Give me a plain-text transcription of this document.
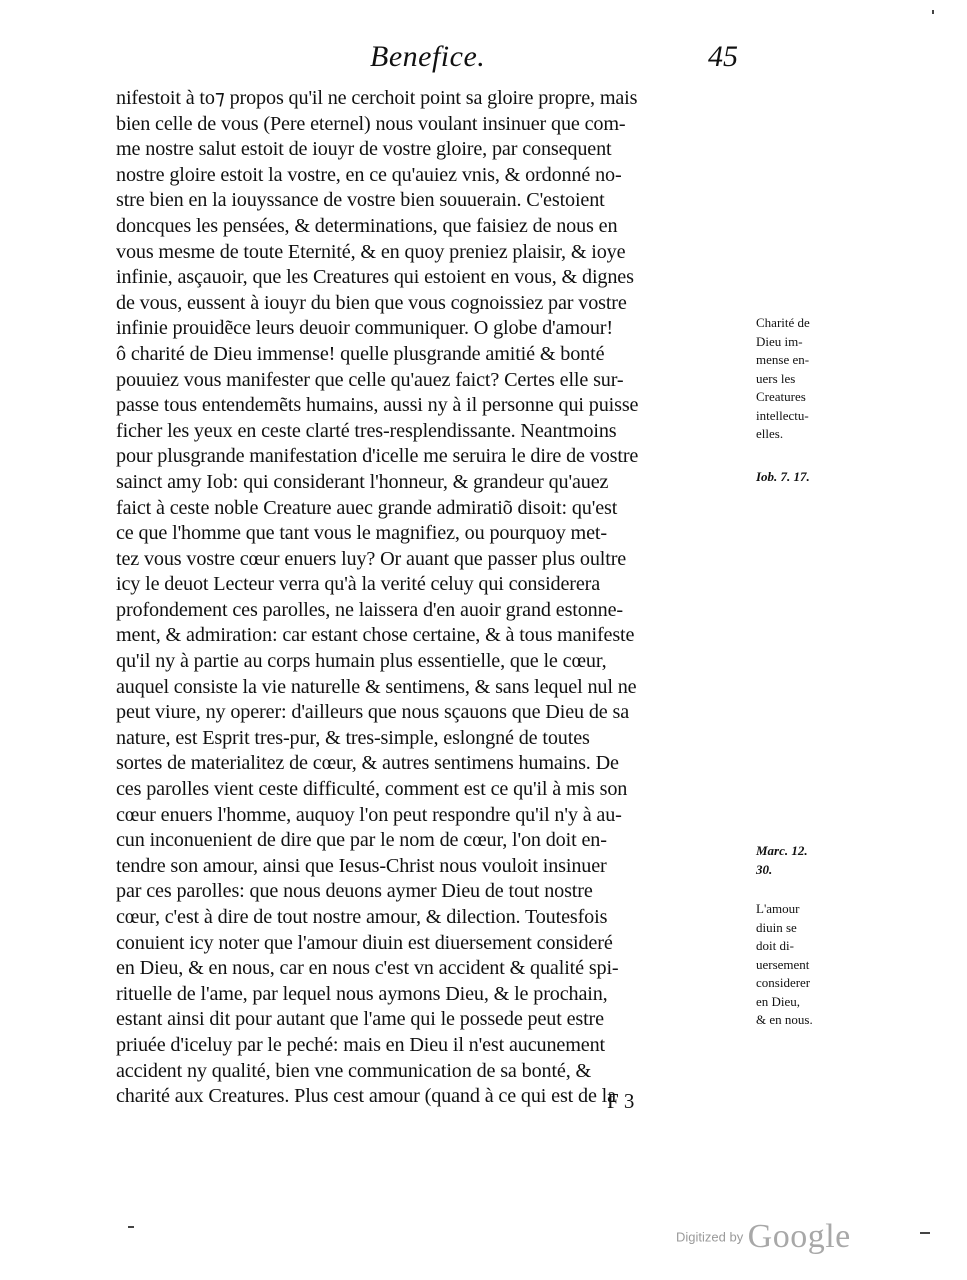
Benefice.	45
nifestoit à to⁊ propos qu'il ne cerchoit point sa gloire propre, mais
bien celle de vous (Pere eternel) nous voulant insinuer que com-
me nostre salut estoit de iouyr de vostre gloire, par consequent
nostre gloire estoit la vostre, en ce qu'auiez vnis, & ordonné no-
stre bien en la iouyssance de vostre bien souuerain. C'estoient
doncques les pensées, & determinations, que faisiez de nous en
vous mesme de toute Eternité, & en quoy preniez plaisir, & ioye
infinie, asçauoir, que les Creatures qui estoient en vous, & dignes
de vous, eussent à iouyr du bien que vous cognoissiez par vostre
infinie prouidẽce leurs deuoir communiquer. O globe d'amour!
ô charité de Dieu immense! quelle plusgrande amitié & bonté
pouuiez vous manifester que celle qu'auez faict? Certes elle sur-
passe tous entendemẽts humains, aussi ny à il personne qui puisse
ficher les yeux en ceste clarté tres-resplendissante. Neantmoins
pour plusgrande manifestation d'icelle me seruira le dire de vostre
sainct amy Iob: qui considerant l'honneur, & grandeur qu'auez
faict à ceste noble Creature auec grande admiratiõ disoit: qu'est
ce que l'homme que tant vous le magnifiez, ou pourquoy met-
tez vous vostre cœur enuers luy? Or auant que passer plus oultre
icy le deuot Lecteur verra qu'à la verité celuy qui considerera
profondement ces parolles, ne laissera d'en auoir grand estonne-
ment, & admiration: car estant chose certaine, & à tous manifeste
qu'il ny à partie au corps humain plus essentielle, que le cœur,
auquel consiste la vie naturelle & sentimens, & sans lequel nul ne
peut viure, ny operer: d'ailleurs que nous sçauons que Dieu de sa
nature, est Esprit tres-pur, & tres-simple, eslongné de toutes
sortes de materialitez de cœur, & autres sentimens humains. De
ces parolles vient ceste difficulté, comment est ce qu'il à mis son
cœur enuers l'homme, auquoy l'on peut respondre qu'il n'y à au-
cun inconuenient de dire que par le nom de cœur, l'on doit en-
tendre son amour, ainsi que Iesus-Christ nous vouloit insinuer
par ces parolles: que nous deuons aymer Dieu de tout nostre
cœur, c'est à dire de tout nostre amour, & dilection. Toutesfois
conuient icy noter que l'amour diuin est diuersement consideré
en Dieu, & en nous, car en nous c'est vn accident & qualité spi-
rituelle de l'ame, par lequel nous aymons Dieu, & le prochain,
estant ainsi dit pour autant que l'ame qui le possede peut estre
priuée d'iceluy par le peché: mais en Dieu il n'est aucunement
accident ny qualité, bien vne communication de sa bonté, &
charité aux Creatures. Plus cest amour (quand à ce qui est de la
Charité de
Dieu im-
mense en-
uers les
Creatures
intellectu-
elles.
Iob. 7. 17.
Marc. 12.
30.
L'amour
diuin se
doit di-
uersement
considerer
en Dieu,
& en nous.
F 3
Digitized by Google
